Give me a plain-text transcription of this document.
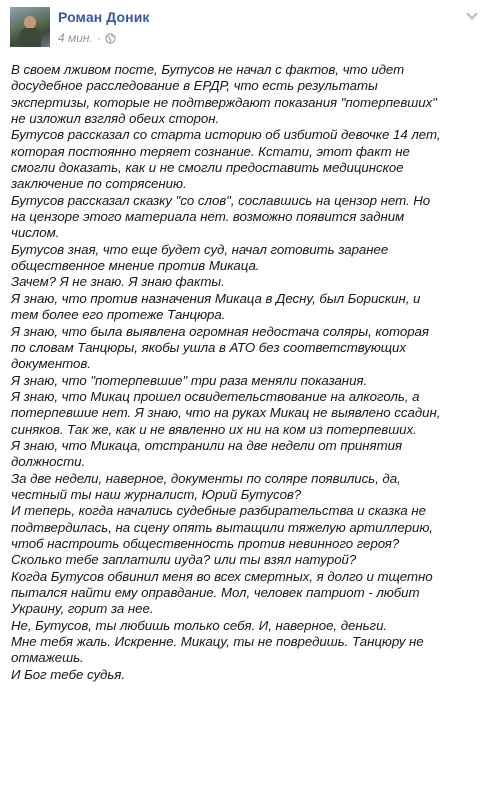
Роман Доник
4 мин. ·
В своем лживом посте, Бутусов не начал с фактов, что идет
досудебное расследование в ЕРДР, что есть результаты
экспертизы, которые не подтверждают показания "потерпевших"
не изложил взгляд обеих сторон.
Бутусов рассказал со старта историю об избитой девочке 14 лет,
которая постоянно теряет сознание. Кстати, этот факт не
смогли доказать, как и не смогли предоставить медицинское
заключение по сотрясению.
Бутусов рассказал сказку "со слов", сославшись на цензор нет. Но
на цензоре этого материала нет. возможно появится задним
числом.
Бутусов зная, что еще будет суд, начал готовить заранее
общественное мнение против Микаца.
Зачем? Я не знаю. Я знаю факты.
Я знаю, что против назначения Микаца в Десну, был Борискин, и
тем более его протеже Танцюра.
Я знаю, что была выявлена огромная недостача соляры, которая
по словам Танцюры, якобы ушла в АТО без соответствующих
документов.
Я знаю, что "потерпевшие" три раза меняли показания.
Я знаю, что Микац прошел освидетельствование на алкоголь, а
потерпевшие нет. Я знаю, что на руках Микац не выявлено ссадин,
синяков. Так же, как и не вявленно их ни на ком из потерпевших.
Я знаю, что Микаца, отстранили на две недели от принятия
должности.
За две недели, наверное, документы по соляре появились, да,
честный ты наш журналист, Юрий Бутусов?
И теперь, когда начались судебные разбирательства и сказка не
подтвердилась, на сцену опять вытащили тяжелую артиллерию,
чтоб настроить общественность против невинного героя?
Сколько тебе заплатили иуда? или ты взял натурой?
Когда Бутусов обвинил меня во всех смертных, я долго и тщетно
пытался найти ему оправдание. Мол, человек патриот - любит
Украину, горит за нее.
Не, Бутусов, ты любишь только себя. И, наверное, деньги.
Мне тебя жаль. Искренне. Микацу, ты не повредишь. Танцюру не
отмажешь.
И Бог тебе судья.
